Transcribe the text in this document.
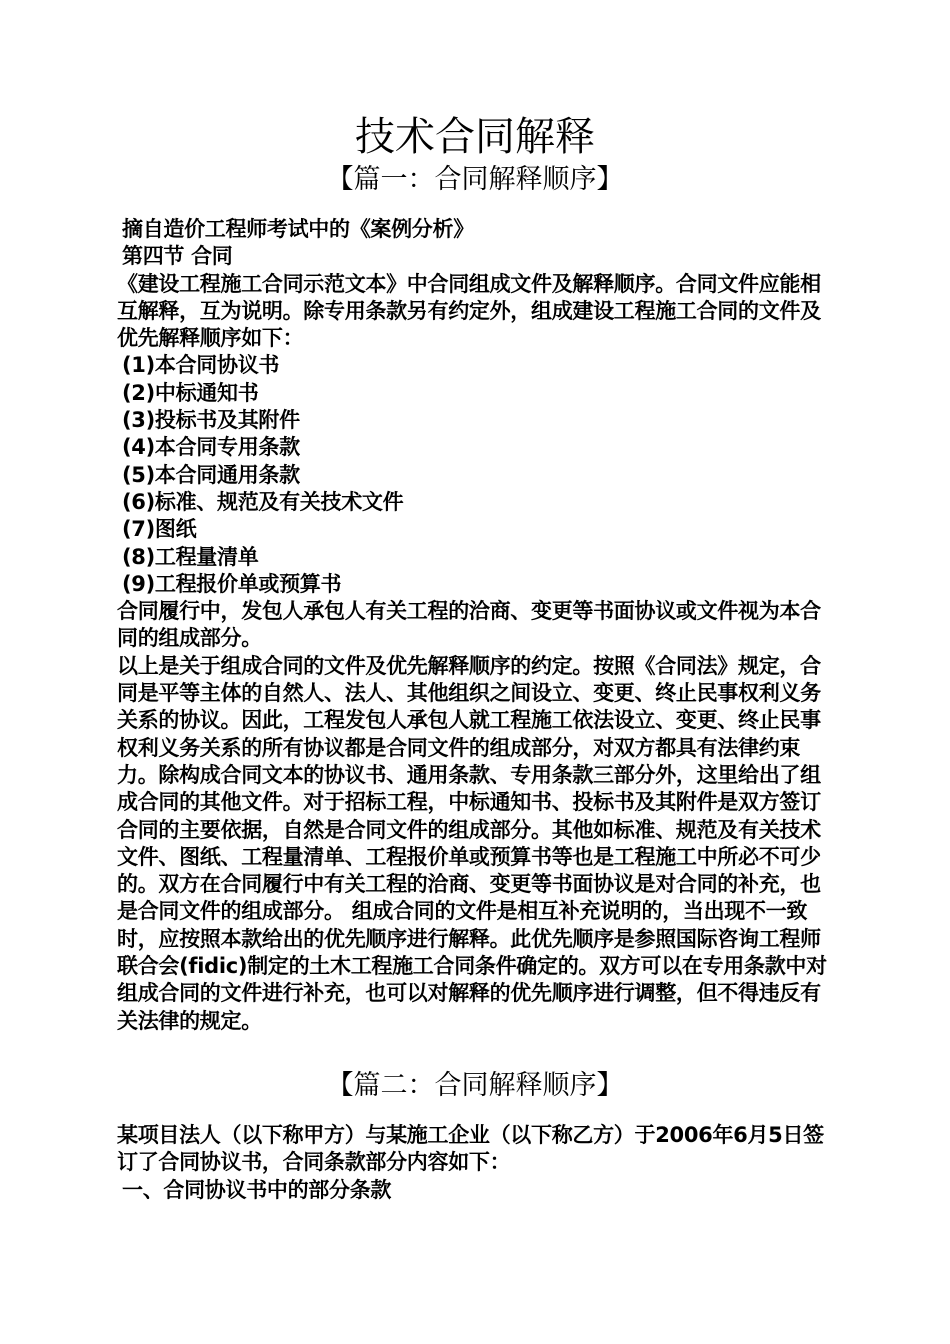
技术合同解释
【篇一：合同解释顺序】

摘自造价工程师考试中的《案例分析》

第四节 合同

《建设工程施工合同示范文本》中合同组成文件及解释顺序。合同文件应能相互解释，互为说明。除专用条款另有约定外，组成建设工程施工合同的文件及优先解释顺序如下：

(1)本合同协议书

(2)中标通知书

(3)投标书及其附件

(4)本合同专用条款

(5)本合同通用条款

(6)标准、规范及有关技术文件

(7)图纸

(8)工程量清单

(9)工程报价单或预算书

合同履行中，发包人承包人有关工程的洽商、变更等书面协议或文件视为本合同的组成部分。

以上是关于组成合同的文件及优先解释顺序的约定。按照《合同法》规定，合同是平等主体的自然人、法人、其他组织之间设立、变更、终止民事权利义务关系的协议。因此，工程发包人承包人就工程施工依法设立、变更、终止民事权利义务关系的所有协议都是合同文件的组成部分，对双方都具有法律约束力。除构成合同文本的协议书、通用条款、专用条款三部分外，这里给出了组成合同的其他文件。对于招标工程，中标通知书、投标书及其附件是双方签订合同的主要依据，自然是合同文件的组成部分。其他如标准、规范及有关技术文件、图纸、工程量清单、工程报价单或预算书等也是工程施工中所必不可少的。双方在合同履行中有关工程的洽商、变更等书面协议是对合同的补充，也是合同文件的组成部分。 组成合同的文件是相互补充说明的，当出现不一致时，应按照本款给出的优先顺序进行解释。此优先顺序是参照国际咨询工程师联合会(fidic)制定的土木工程施工合同条件确定的。双方可以在专用条款中对组成合同的文件进行补充，也可以对解释的优先顺序进行调整，但不得违反有关法律的规定。

【篇二：合同解释顺序】

某项目法人（以下称甲方）与某施工企业（以下称乙方）于2006年6月5日签订了合同协议书，合同条款部分内容如下：

一、合同协议书中的部分条款
